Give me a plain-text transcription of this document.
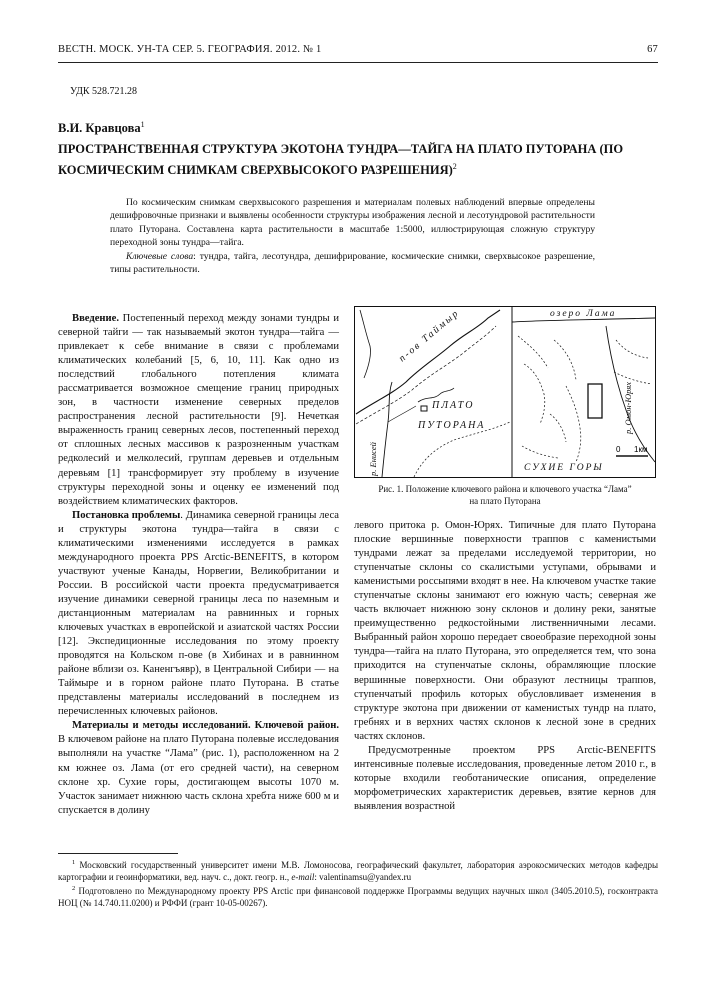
ВЕСТН. МОСК. УН-ТА СЕР. 5. ГЕОГРАФИЯ. 2012. № 1	67
УДК 528.721.28
В.И. Кравцова$^1$
ПРОСТРАНСТВЕННАЯ СТРУКТУРА ЭКОТОНА ТУНДРА—ТАЙГА НА ПЛАТО ПУТОРАНА (ПО КОСМИЧЕСКИМ СНИМКАМ СВЕРХВЫСОКОГО РАЗРЕШЕНИЯ)$^2$

По космическим снимкам сверхвысокого разрешения и материалам полевых наблюдений впервые определены дешифровочные признаки и выявлены особенности структуры изображения лесной и лесотундровой растительности плато Путорана. Составлена карта растительности в масштабе 1:5000, иллюстрирующая сложную структуру переходной зоны тундра—тайга.

Ключевые слова: тундра, тайга, лесотундра, дешифрирование, космические снимки, сверхвысокое разрешение, типы растительности.

Введение. Постепенный переход между зонами тундры и северной тайги — так называемый экотон тундра—тайга — привлекает к себе внимание в связи с проблемами климатических колебаний [5, 6, 10, 11]. Как одно из последствий глобального потепления климата рассматривается возможное смещение границ природных зон, в частности изменение северных пределов распространения лесной растительности [9]. Нечеткая выраженность границ северных лесов, постепенный переход от сплошных лесных массивов к разрозненным участкам редколесий и мелколесий, группам деревьев и отдельным деревьям [1] трансформирует эту проблему в изучение структуры переходной зоны и оценку ее изменений под воздействием климатических факторов.

Постановка проблемы. Динамика северной границы леса и структуры экотона тундра—тайга в связи с климатическими изменениями исследуется в рамках международного проекта PPS Arctic-BENEFITS, в котором участвуют ученые Канады, Норвегии, Великобритании и России. В российской части проекта предусматривается изучение динамики северной границы леса по наземным и дистанционным материалам на равнинных и горных ключевых участках в европейской и азиатской частях России [12]. Экспедиционные исследования по этому проекту проводятся на Кольском п-ове (в Хибинах и в равнинном районе вблизи оз. Каненгъявр), в Центральной Сибири — на Таймыре и в горном районе плато Путорана. В статье представлены материалы исследований в последнем из перечисленных ключевых районов.

Материалы и методы исследований. Ключевой район. В ключевом районе на плато Путорана полевые исследования выполняли на участке “Лама” (рис. 1), расположенном на 2 км южнее оз. Лама (от его средней части), на северном склоне хр. Сухие горы, достигающем высоты 1070 м. Участок занимает нижнюю часть склона хребта ниже 600 м и спускается в долину

п-ов Таймыр
ПЛАТО
ПУТОРАНА
р. Енисей
озеро Лама
р. Омон-Юрях
СУХИЕ ГОРЫ
0 1км
Рис. 1. Положение ключевого района и ключевого участка “Лама”
на плато Путорана

левого притока р. Омон-Юрях. Типичные для плато Путорана плоские вершинные поверхности траппов с каменистыми тундрами лежат за пределами исследуемой территории, но ступенчатые склоны со скалистыми уступами, обрывами и каменистыми россыпями входят в нее. На ключевом участке такие ступенчатые склоны занимают его южную часть; северная же часть включает нижнюю зону склонов и долину реки, занятые преимущественно редкостойными лиственничными лесами. Выбранный район хорошо передает своеобразие переходной зоны тундра—тайга на плато Путорана, это определяется тем, что зона приходится на ступенчатые склоны, обрамляющие плоские вершинные поверхности. Они образуют лестницы траппов, ступенчатый профиль которых обусловливает изменения в структуре экотона при движении от каменистых тундр на плато, гребнях и в верхних частях склонов к лесной зоне в средних частях склонов.

Предусмотренные проектом PPS Arctic-BENEFITS интенсивные полевые исследования, проведенные летом 2010 г., в которые входили геоботанические описания, определение морфометрических характеристик деревьев, взятие кернов для выявления возрастной

$^1$ Московский государственный университет имени М.В. Ломоносова, географический факультет, лаборатория аэрокосмических методов кафедры картографии и геоинформатики, вед. науч. с., докт. геогр. н., e-mail: valentinamsu@yandex.ru

$^2$ Подготовлено по Международному проекту PPS Arctic при финансовой поддержке Программы ведущих научных школ (3405.2010.5), госконтракта НОЦ (№ 14.740.11.0200) и РФФИ (грант 10-05-00267).
